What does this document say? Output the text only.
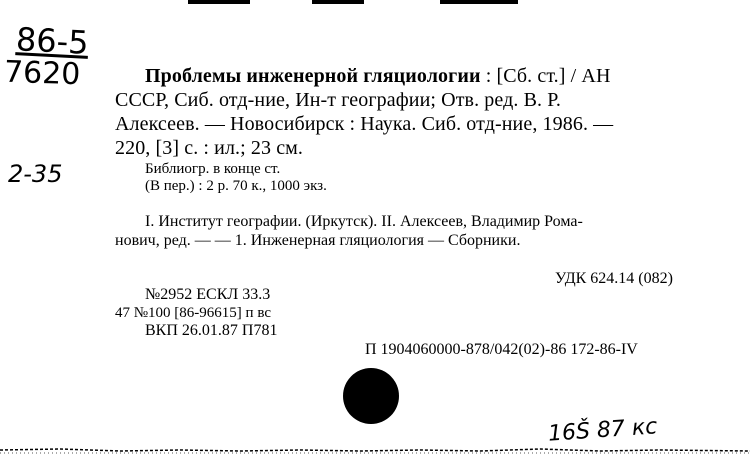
86-5
7620
2-35
Проблемы инженерной гляциологии : [Сб. ст.] / АН
СССР, Сиб. отд-ние, Ин-т географии; Отв. ред. В. Р.
Алексеев. — Новосибирск : Наука. Сиб. отд-ние, 1986. —
220, [3] с. : ил.; 23 см.
Библиогр. в конце ст.
(В пер.) : 2 р. 70 к., 1000 экз.
I. Институт географии. (Иркутск). II. Алексеев, Владимир Рома-
нович, ред. — — 1. Инженерная гляциология — Сборники.
УДК 624.14 (082)
№2952 ЕСКЛ 33.3
47 №100 [86-96615] п вс
ВКП 26.01.87 П781
П 1904060000-878/042(02)-86 172-86-IV
16Š 87 кс
